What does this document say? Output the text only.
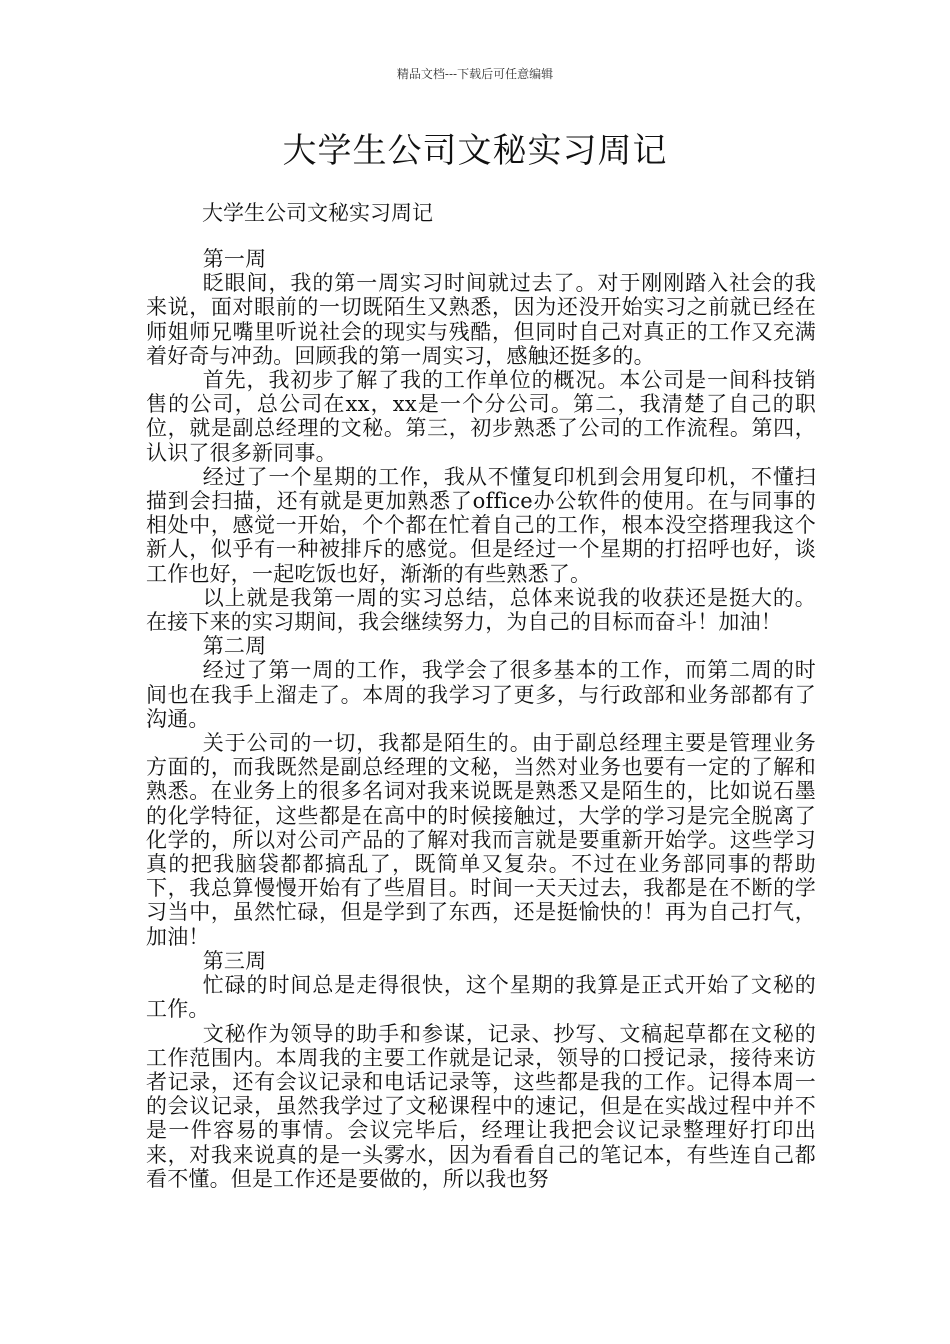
精品文档---下载后可任意编辑
大学生公司文秘实习周记

大学生公司文秘实习周记

第一周

眨眼间，我的第一周实习时间就过去了。对于刚刚踏入社会的我来说，面对眼前的一切既陌生又熟悉，因为还没开始实习之前就已经在师姐师兄嘴里听说社会的现实与残酷，但同时自己对真正的工作又充满着好奇与冲劲。回顾我的第一周实习，感触还挺多的。

首先，我初步了解了我的工作单位的概况。本公司是一间科技销售的公司，总公司在xx，xx是一个分公司。第二，我清楚了自己的职位，就是副总经理的文秘。第三，初步熟悉了公司的工作流程。第四，认识了很多新同事。

经过了一个星期的工作，我从不懂复印机到会用复印机，不懂扫描到会扫描，还有就是更加熟悉了office办公软件的使用。在与同事的相处中，感觉一开始，个个都在忙着自己的工作，根本没空搭理我这个新人，似乎有一种被排斥的感觉。但是经过一个星期的打招呼也好，谈工作也好，一起吃饭也好，渐渐的有些熟悉了。

以上就是我第一周的实习总结，总体来说我的收获还是挺大的。在接下来的实习期间，我会继续努力，为自己的目标而奋斗！加油！

第二周

经过了第一周的工作，我学会了很多基本的工作，而第二周的时间也在我手上溜走了。本周的我学习了更多，与行政部和业务部都有了沟通。

关于公司的一切，我都是陌生的。由于副总经理主要是管理业务方面的，而我既然是副总经理的文秘，当然对业务也要有一定的了解和熟悉。在业务上的很多名词对我来说既是熟悉又是陌生的，比如说石墨的化学特征，这些都是在高中的时候接触过，大学的学习是完全脱离了化学的，所以对公司产品的了解对我而言就是要重新开始学。这些学习真的把我脑袋都都搞乱了，既简单又复杂。不过在业务部同事的帮助下，我总算慢慢开始有了些眉目。时间一天天过去，我都是在不断的学习当中，虽然忙碌，但是学到了东西，还是挺愉快的！再为自己打气，加油！

第三周

忙碌的时间总是走得很快，这个星期的我算是正式开始了文秘的工作。

文秘作为领导的助手和参谋，记录、抄写、文稿起草都在文秘的工作范围内。本周我的主要工作就是记录，领导的口授记录，接待来访者记录，还有会议记录和电话记录等，这些都是我的工作。记得本周一的会议记录，虽然我学过了文秘课程中的速记，但是在实战过程中并不是一件容易的事情。会议完毕后，经理让我把会议记录整理好打印出来，对我来说真的是一头雾水，因为看看自己的笔记本，有些连自己都看不懂。但是工作还是要做的，所以我也努
